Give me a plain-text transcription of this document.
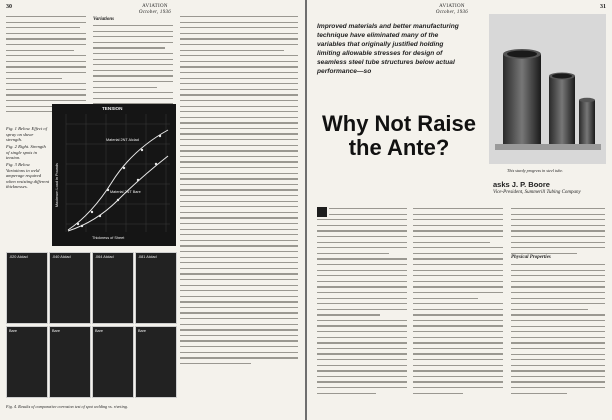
30	AVIATION
October, 1936
Variations
Fig. 1 Below. Effect of spray on shear strength.
Fig. 2 Right. Strength of single spots in tension.
Fig. 3 Below. Variations in weld amperage required when resisting different thicknesses.
TENSION
Material 2NT Alclad
Material 2NT Bare
Thickness of Sheet
Maximum Load in Pounds
.020 Alclad	.040 Alclad	.064 Alclad	.081 Alclad
Bare	Bare	Bare	Bare
Fig. 4. Results of comparative corrosion test of spot welding vs. riveting.
AVIATION
October, 1936
31
Improved materials and better manufacturing technique have eliminated many of the variables that originally justified holding limiting allowable stresses for design of seamless steel tube structures below actual performance—so
Why Not Raise the Ante?
This sturdy progress in steel tube.
asks J. P. Boore
Vice-President, Summerill Tubing Company
Physical Properties
